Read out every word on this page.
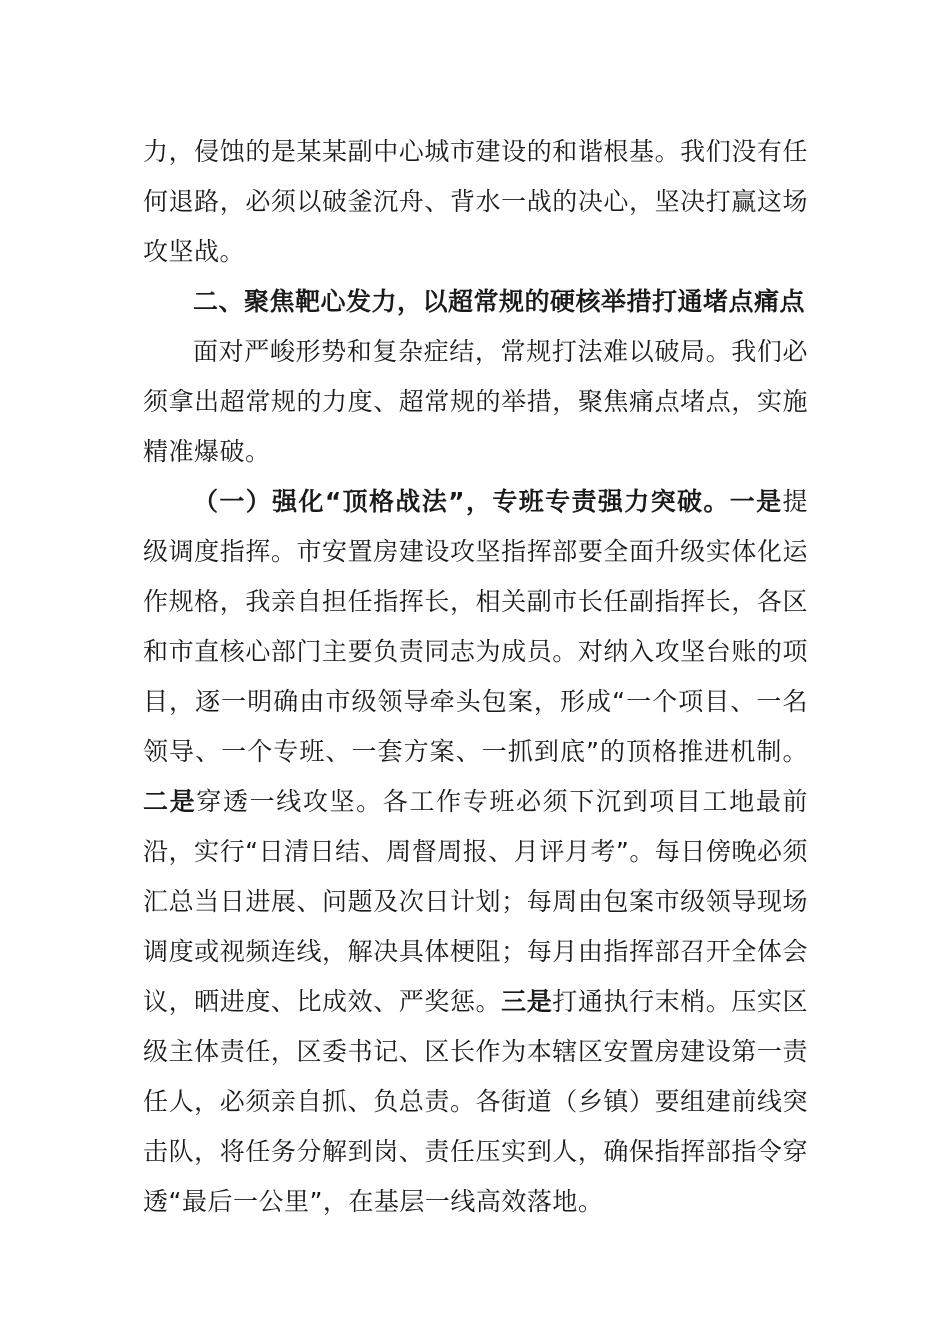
力，侵蚀的是某某副中心城市建设的和谐根基。我们没有任何退路，必须以破釜沉舟、背水一战的决心，坚决打赢这场攻坚战。

二、聚焦靶心发力，以超常规的硬核举措打通堵点痛点

面对严峻形势和复杂症结，常规打法难以破局。我们必须拿出超常规的力度、超常规的举措，聚焦痛点堵点，实施精准爆破。

（一）强化“顶格战法”，专班专责强力突破。一是提级调度指挥。市安置房建设攻坚指挥部要全面升级实体化运作规格，我亲自担任指挥长，相关副市长任副指挥长，各区和市直核心部门主要负责同志为成员。对纳入攻坚台账的项目，逐一明确由市级领导牵头包案，形成“一个项目、一名领导、一个专班、一套方案、一抓到底”的顶格推进机制。二是穿透一线攻坚。各工作专班必须下沉到项目工地最前沿，实行“日清日结、周督周报、月评月考”。每日傍晚必须汇总当日进展、问题及次日计划；每周由包案市级领导现场调度或视频连线，解决具体梗阻；每月由指挥部召开全体会议，晒进度、比成效、严奖惩。三是打通执行末梢。压实区级主体责任，区委书记、区长作为本辖区安置房建设第一责任人，必须亲自抓、负总责。各街道（乡镇）要组建前线突击队，将任务分解到岗、责任压实到人，确保指挥部指令穿透“最后一公里”，在基层一线高效落地。
